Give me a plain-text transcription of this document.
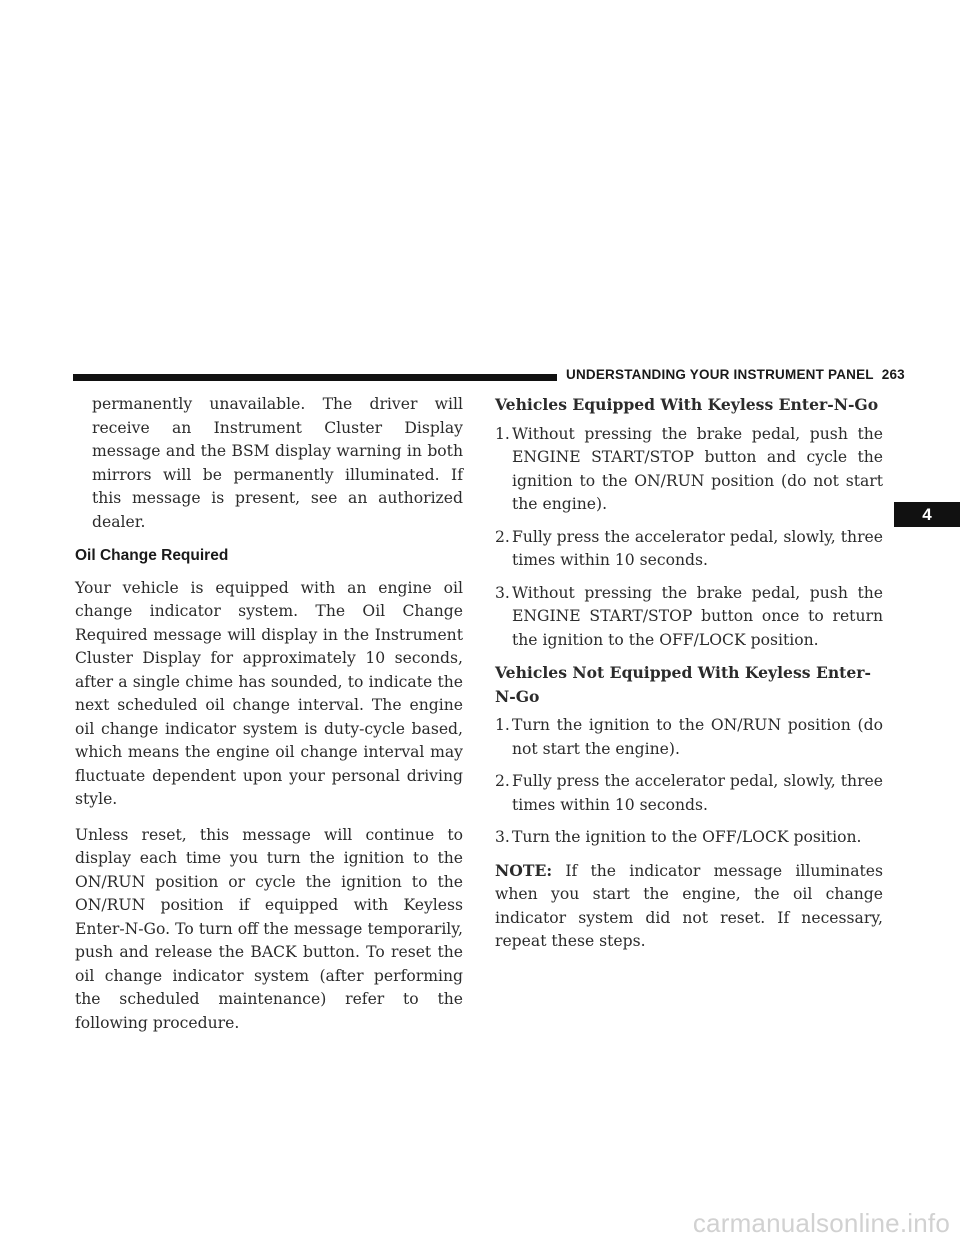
UNDERSTANDING YOUR INSTRUMENT PANEL 263
4

permanently unavailable. The driver will receive an Instrument Cluster Display message and the BSM display warning in both mirrors will be permanently illuminated. If this message is present, see an authorized dealer.

Oil Change Required

Your vehicle is equipped with an engine oil change indicator system. The Oil Change Required message will display in the Instrument Cluster Display for approximately 10 seconds, after a single chime has sounded, to indicate the next scheduled oil change interval. The engine oil change indicator system is duty-cycle based, which means the engine oil change interval may fluctuate dependent upon your personal driving style.

Unless reset, this message will continue to display each time you turn the ignition to the ON/RUN position or cycle the ignition to the ON/RUN position if equipped with Keyless Enter-N-Go. To turn off the message temporarily, push and release the BACK button. To reset the oil change indicator system (after performing the scheduled maintenance) refer to the following procedure.

Vehicles Equipped With Keyless Enter-N-Go
1. Without pressing the brake pedal, push the ENGINE START/STOP button and cycle the ignition to the ON/RUN position (do not start the engine).
2. Fully press the accelerator pedal, slowly, three times within 10 seconds.
3. Without pressing the brake pedal, push the ENGINE START/STOP button once to return the ignition to the OFF/LOCK position.
Vehicles Not Equipped With Keyless Enter-N-Go
1. Turn the ignition to the ON/RUN position (do not start the engine).
2. Fully press the accelerator pedal, slowly, three times within 10 seconds.
3. Turn the ignition to the OFF/LOCK position.

NOTE: If the indicator message illuminates when you start the engine, the oil change indicator system did not reset. If necessary, repeat these steps.

carmanualsonline.info
